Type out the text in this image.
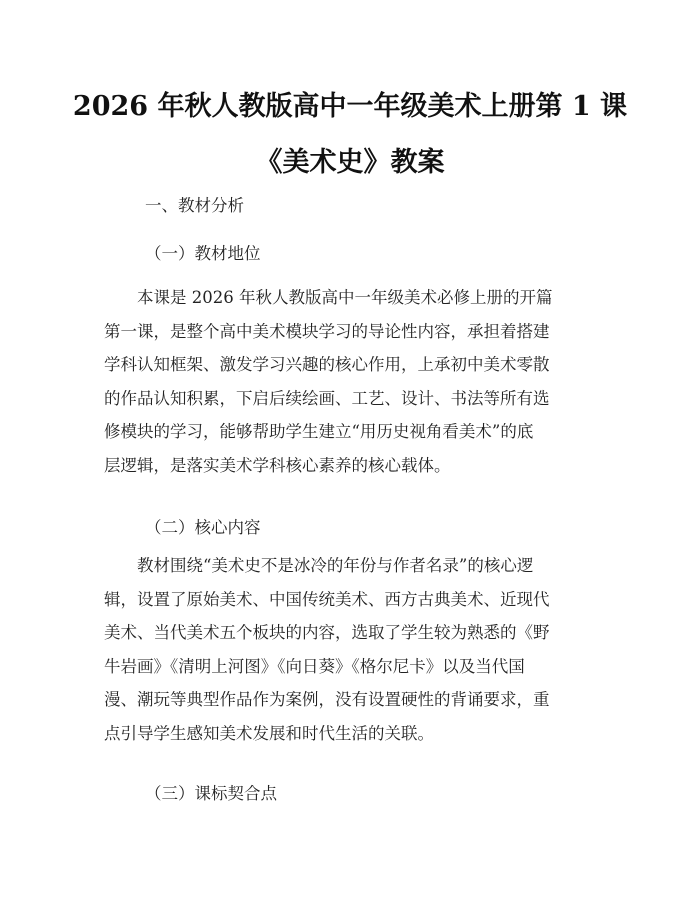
2026 年秋人教版高中一年级美术上册第 1 课
《美术史》教案
一、教材分析
（一）教材地位
　　本课是 2026 年秋人教版高中一年级美术必修上册的开篇
第一课，是整个高中美术模块学习的导论性内容，承担着搭建
学科认知框架、激发学习兴趣的核心作用，上承初中美术零散
的作品认知积累，下启后续绘画、工艺、设计、书法等所有选
修模块的学习，能够帮助学生建立“用历史视角看美术”的底
层逻辑，是落实美术学科核心素养的核心载体。
（二）核心内容
　　教材围绕“美术史不是冰冷的年份与作者名录”的核心逻
辑，设置了原始美术、中国传统美术、西方古典美术、近现代
美术、当代美术五个板块的内容，选取了学生较为熟悉的《野
牛岩画》《清明上河图》《向日葵》《格尔尼卡》以及当代国
漫、潮玩等典型作品作为案例，没有设置硬性的背诵要求，重
点引导学生感知美术发展和时代生活的关联。
（三）课标契合点
